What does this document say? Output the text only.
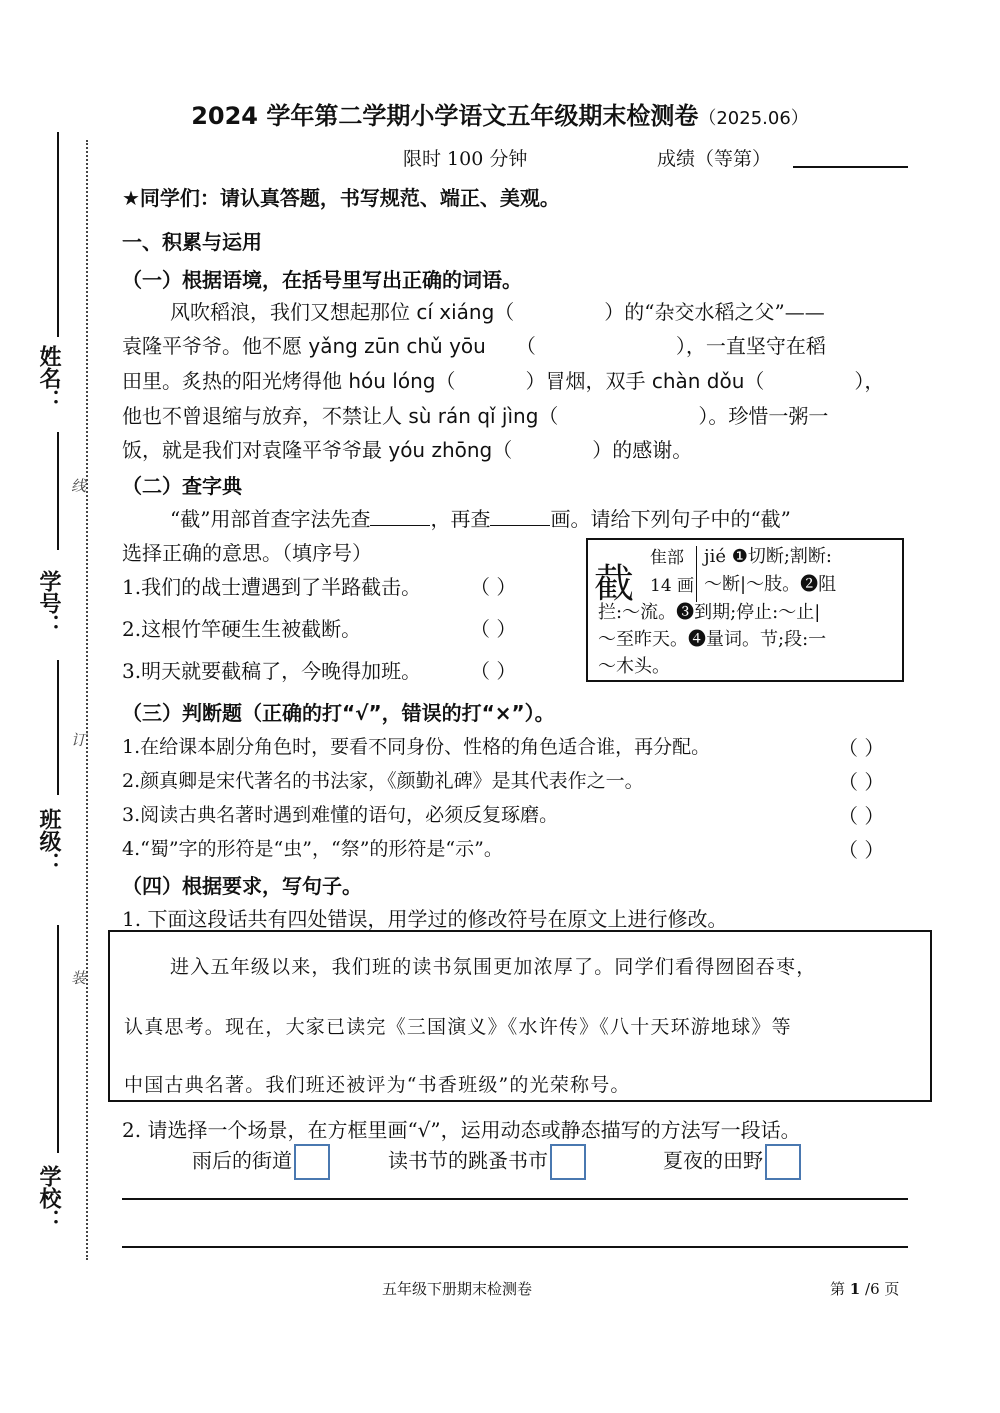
姓名：
学号：
班级：
学校：
线
订
装
2024 学年第二学期小学语文五年级期末检测卷（2025.06）
限时 100 分钟	成绩（等第）
★同学们：请认真答题，书写规范、端正、美观。
一、积累与运用
（一）根据语境，在括号里写出正确的词语。
风吹稻浪，我们又想起那位 cí xiáng（	）的“杂交水稻之父”——
袁隆平爷爷。他不愿 yǎng zūn chǔ yōu （	），一直坚守在稻
田里。炙热的阳光烤得他 hóu lóng（	）冒烟，双手 chàn dǒu（	），
他也不曾退缩与放弃，不禁让人 sù rán qǐ jìng（	）。珍惜一粥一
饭，就是我们对袁隆平爷爷最 yóu zhōng（	）的感谢。
（二）查字典
“截”用部首查字法先查	，再查	画。请给下列句子中的“截”
选择正确的意思。（填序号）
1.我们的战士遭遇到了半路截击。 （ ）
2.这根竹竿硬生生被截断。	（ ）
3.明天就要截稿了，今晚得加班。 （ ）
截
隹部
14 画
jié ❶切断;割断:
～断|～肢。❷阻
拦:～流。❸到期;停止:～止|
～至昨天。❹量词。节;段:一
～木头。
（三）判断题（正确的打“√”，错误的打“×”）。
1.在给课本剧分角色时，要看不同身份、性格的角色适合谁，再分配。	（ ）
2.颜真卿是宋代著名的书法家，《颜勤礼碑》是其代表作之一。	（ ）
3.阅读古典名著时遇到难懂的语句，必须反复琢磨。	（ ）
4.“蜀”字的形符是“虫”，“祭”的形符是“示”。	（ ）
（四）根据要求，写句子。
1. 下面这段话共有四处错误，用学过的修改符号在原文上进行修改。
进入五年级以来，我们班的读书氛围更加浓厚了。同学们看得囫囵吞枣，
认真思考。现在，大家已读完《三国演义》《水许传》《八十天环游地球》等
中国古典名著。我们班还被评为“书香班级”的光荣称号。
2. 请选择一个场景，在方框里画“√”，运用动态或静态描写的方法写一段话。
雨后的街道	读书节的跳蚤书市	夏夜的田野
五年级下册期末检测卷	第 1 /6 页
